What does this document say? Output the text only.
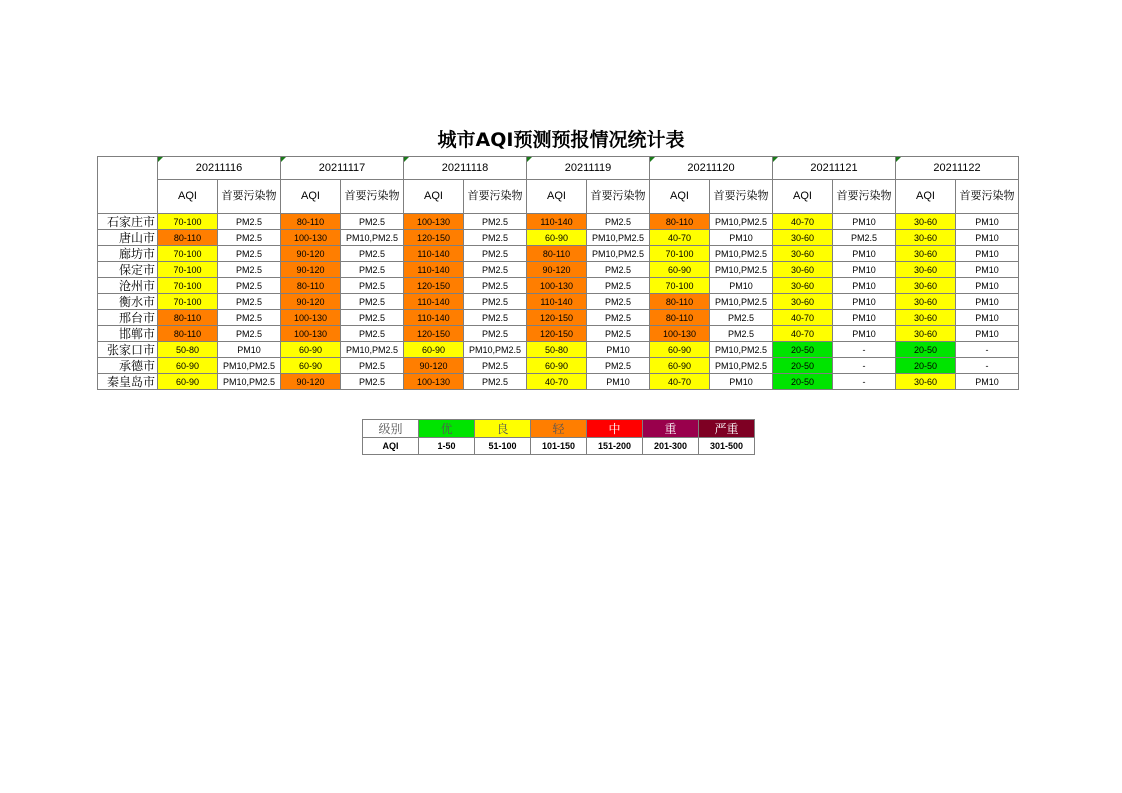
城市AQI预测预报情况统计表
	20211116		20211117		20211118		20211119		20211120		20211121		20211122	
	AQI	首要污染物	AQI	首要污染物	AQI	首要污染物	AQI	首要污染物	AQI	首要污染物	AQI	首要污染物	AQI	首要污染物
石家庄市	70-100	PM2.5	80-110	PM2.5	100-130	PM2.5	110-140	PM2.5	80-110	PM10,PM2.5	40-70	PM10	30-60	PM10
唐山市	80-110	PM2.5	100-130	PM10,PM2.5	120-150	PM2.5	60-90	PM10,PM2.5	40-70	PM10	30-60	PM2.5	30-60	PM10
廊坊市	70-100	PM2.5	90-120	PM2.5	110-140	PM2.5	80-110	PM10,PM2.5	70-100	PM10,PM2.5	30-60	PM10	30-60	PM10
保定市	70-100	PM2.5	90-120	PM2.5	110-140	PM2.5	90-120	PM2.5	60-90	PM10,PM2.5	30-60	PM10	30-60	PM10
沧州市	70-100	PM2.5	80-110	PM2.5	120-150	PM2.5	100-130	PM2.5	70-100	PM10	30-60	PM10	30-60	PM10
衡水市	70-100	PM2.5	90-120	PM2.5	110-140	PM2.5	110-140	PM2.5	80-110	PM10,PM2.5	30-60	PM10	30-60	PM10
邢台市	80-110	PM2.5	100-130	PM2.5	110-140	PM2.5	120-150	PM2.5	80-110	PM2.5	40-70	PM10	30-60	PM10
邯郸市	80-110	PM2.5	100-130	PM2.5	120-150	PM2.5	120-150	PM2.5	100-130	PM2.5	40-70	PM10	30-60	PM10
张家口市	50-80	PM10	60-90	PM10,PM2.5	60-90	PM10,PM2.5	50-80	PM10	60-90	PM10,PM2.5	20-50	-	20-50	-
承德市	60-90	PM10,PM2.5	60-90	PM2.5	90-120	PM2.5	60-90	PM2.5	60-90	PM10,PM2.5	20-50	-	20-50	-
秦皇岛市	60-90	PM10,PM2.5	90-120	PM2.5	100-130	PM2.5	40-70	PM10	40-70	PM10	20-50	-	30-60	PM10
级别	优	良	轻	中	重	严重
AQI	1-50	51-100	101-150	151-200	201-300	301-500
